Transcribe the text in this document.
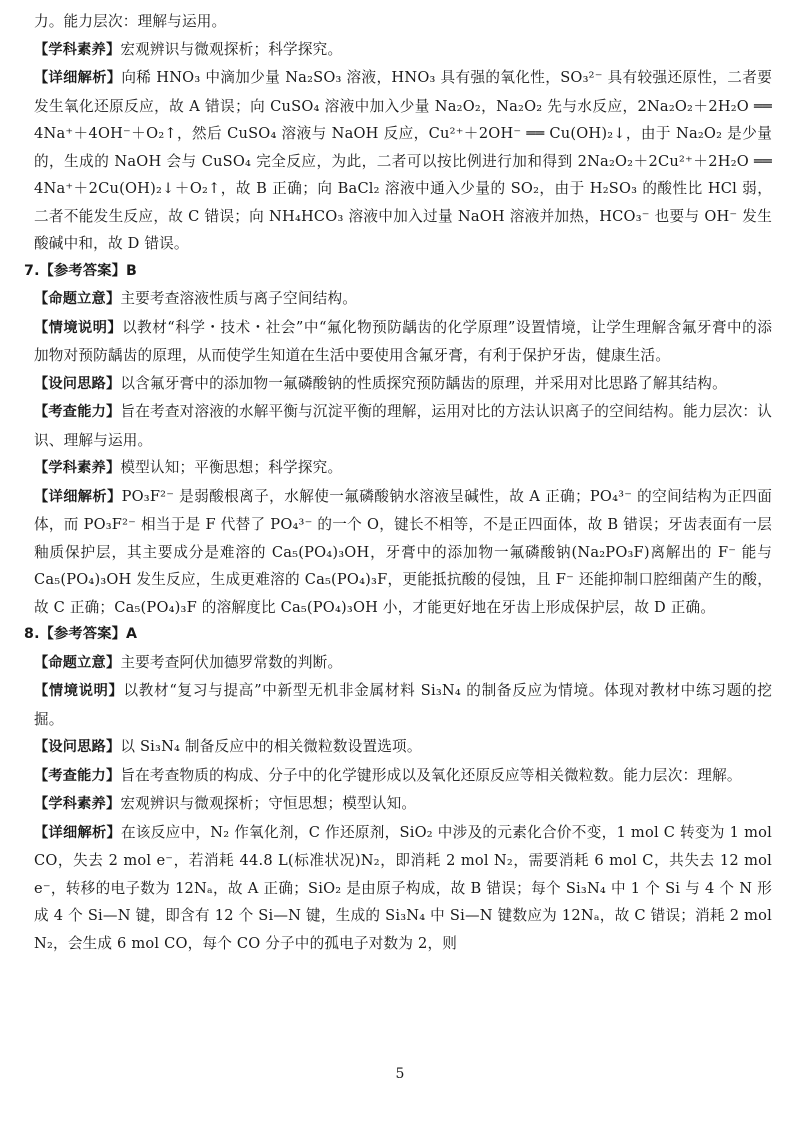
力。能力层次：理解与运用。

【学科素养】宏观辨识与微观探析；科学探究。

【详细解析】向稀 HNO₃ 中滴加少量 Na₂SO₃ 溶液，HNO₃ 具有强的氧化性，SO₃²⁻ 具有较强还原性，二者要发生氧化还原反应，故 A 错误；向 CuSO₄ 溶液中加入少量 Na₂O₂，Na₂O₂ 先与水反应，2Na₂O₂＋2H₂O ══ 4Na⁺＋4OH⁻＋O₂↑，然后 CuSO₄ 溶液与 NaOH 反应，Cu²⁺＋2OH⁻ ══ Cu(OH)₂↓，由于 Na₂O₂ 是少量的，生成的 NaOH 会与 CuSO₄ 完全反应，为此，二者可以按比例进行加和得到 2Na₂O₂＋2Cu²⁺＋2H₂O ══ 4Na⁺＋2Cu(OH)₂↓＋O₂↑，故 B 正确；向 BaCl₂ 溶液中通入少量的 SO₂，由于 H₂SO₃ 的酸性比 HCl 弱，二者不能发生反应，故 C 错误；向 NH₄HCO₃ 溶液中加入过量 NaOH 溶液并加热，HCO₃⁻ 也要与 OH⁻ 发生酸碱中和，故 D 错误。

7.【参考答案】B

【命题立意】主要考查溶液性质与离子空间结构。

【情境说明】以教材“科学・技术・社会”中“氟化物预防龋齿的化学原理”设置情境，让学生理解含氟牙膏中的添加物对预防龋齿的原理，从而使学生知道在生活中要使用含氟牙膏，有利于保护牙齿，健康生活。

【设问思路】以含氟牙膏中的添加物一氟磷酸钠的性质探究预防龋齿的原理，并采用对比思路了解其结构。

【考查能力】旨在考查对溶液的水解平衡与沉淀平衡的理解，运用对比的方法认识离子的空间结构。能力层次：认识、理解与运用。

【学科素养】模型认知；平衡思想；科学探究。

【详细解析】PO₃F²⁻ 是弱酸根离子，水解使一氟磷酸钠水溶液呈碱性，故 A 正确；PO₄³⁻ 的空间结构为正四面体，而 PO₃F²⁻ 相当于是 F 代替了 PO₄³⁻ 的一个 O，键长不相等，不是正四面体，故 B 错误；牙齿表面有一层釉质保护层，其主要成分是难溶的 Ca₅(PO₄)₃OH，牙膏中的添加物一氟磷酸钠(Na₂PO₃F)离解出的 F⁻ 能与 Ca₅(PO₄)₃OH 发生反应，生成更难溶的 Ca₅(PO₄)₃F，更能抵抗酸的侵蚀，且 F⁻ 还能抑制口腔细菌产生的酸，故 C 正确；Ca₅(PO₄)₃F 的溶解度比 Ca₅(PO₄)₃OH 小，才能更好地在牙齿上形成保护层，故 D 正确。

8.【参考答案】A

【命题立意】主要考查阿伏加德罗常数的判断。

【情境说明】以教材“复习与提高”中新型无机非金属材料 Si₃N₄ 的制备反应为情境。体现对教材中练习题的挖掘。

【设问思路】以 Si₃N₄ 制备反应中的相关微粒数设置选项。

【考查能力】旨在考查物质的构成、分子中的化学键形成以及氧化还原反应等相关微粒数。能力层次：理解。

【学科素养】宏观辨识与微观探析；守恒思想；模型认知。

【详细解析】在该反应中，N₂ 作氧化剂，C 作还原剂，SiO₂ 中涉及的元素化合价不变，1 mol C 转变为 1 mol CO，失去 2 mol e⁻，若消耗 44.8 L(标准状况)N₂，即消耗 2 mol N₂，需要消耗 6 mol C，共失去 12 mol e⁻，转移的电子数为 12Nₐ，故 A 正确；SiO₂ 是由原子构成，故 B 错误；每个 Si₃N₄ 中 1 个 Si 与 4 个 N 形成 4 个 Si—N 键，即含有 12 个 Si—N 键，生成的 Si₃N₄ 中 Si—N 键数应为 12Nₐ，故 C 错误；消耗 2 mol N₂，会生成 6 mol CO，每个 CO 分子中的孤电子对数为 2，则

5
